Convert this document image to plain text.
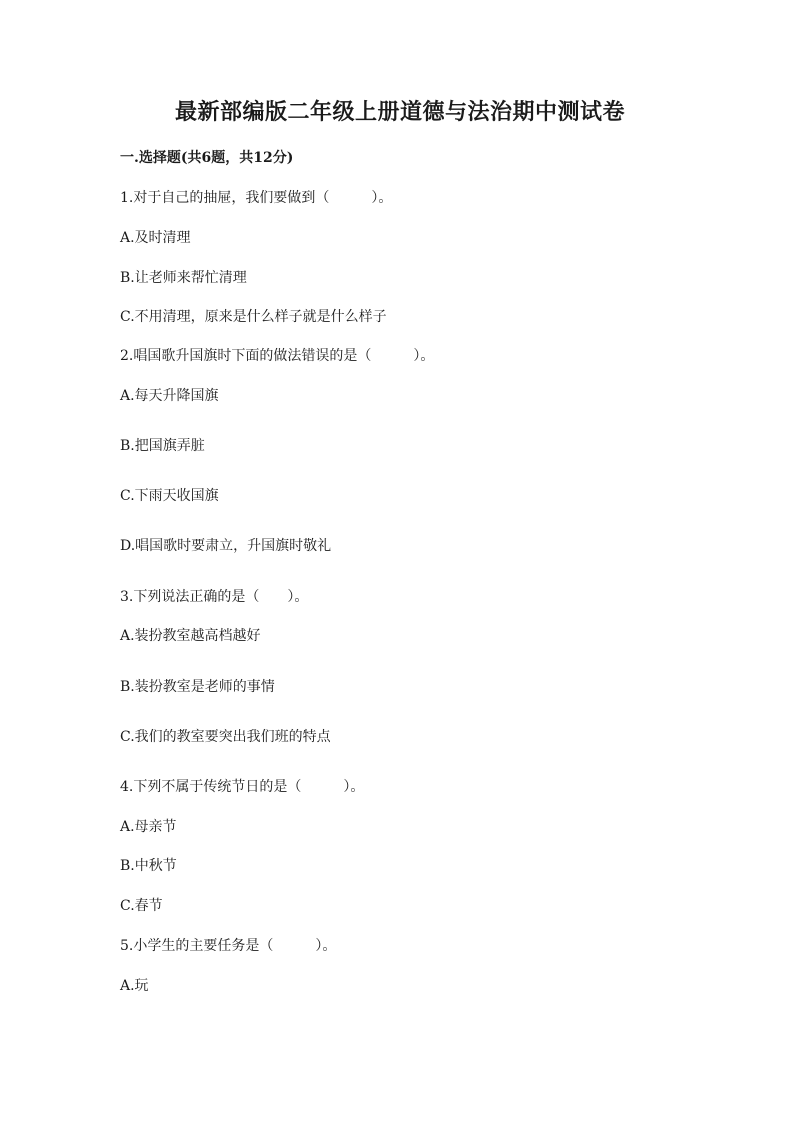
最新部编版二年级上册道德与法治期中测试卷
一.选择题(共6题，共12分)
1.对于自己的抽屉，我们要做到（　　　）。
A.及时清理
B.让老师来帮忙清理
C.不用清理，原来是什么样子就是什么样子
2.唱国歌升国旗时下面的做法错误的是（　　　）。
A.每天升降国旗
B.把国旗弄脏
C.下雨天收国旗
D.唱国歌时要肃立，升国旗时敬礼
3.下列说法正确的是（　　）。
A.装扮教室越高档越好
B.装扮教室是老师的事情
C.我们的教室要突出我们班的特点
4.下列不属于传统节日的是（　　　）。
A.母亲节
B.中秋节
C.春节
5.小学生的主要任务是（　　　）。
A.玩
